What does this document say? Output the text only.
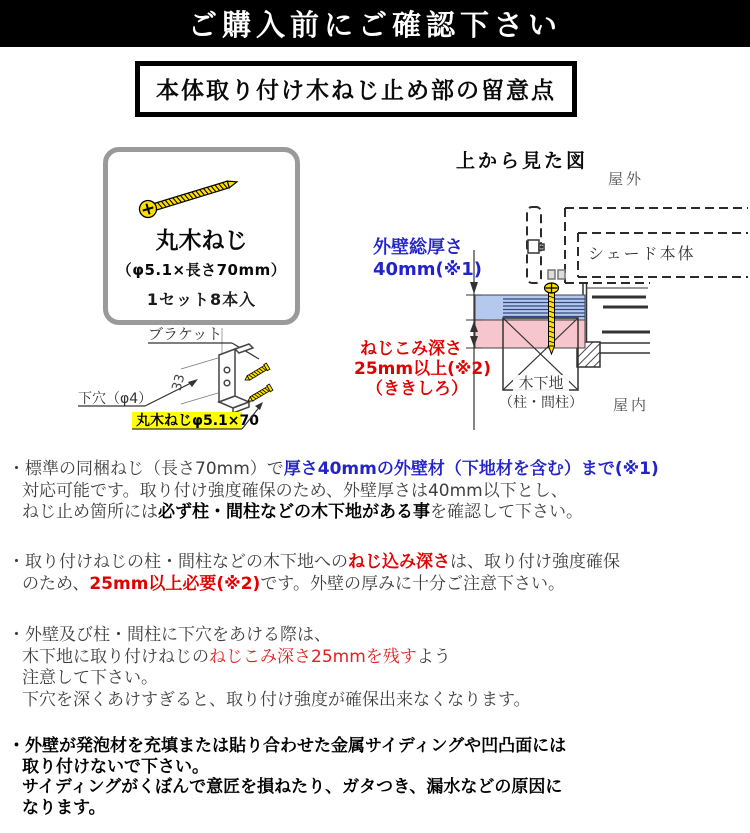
ご購入前にご確認下さい
本体取り付け木ねじ止め部の留意点
丸木ねじ
（φ5.1×長さ70mm）
1セット8本入
ブラケット
33
下穴（φ4）
丸木ねじφ5.1×70
上から見た図
屋外
屋内
シェード本体
木下地
（柱・間柱）
外壁総厚さ
40mm(※1)
ねじこみ深さ
25mm以上(※2)
（ききしろ）

・標準の同梱ねじ（長さ70mm）で厚さ40mmの外壁材（下地材を含む）まで(※1)
対応可能です。取り付け強度確保のため、外壁厚さは40mm以下とし、
ねじ止め箇所には必ず柱・間柱などの木下地がある事を確認して下さい。

・取り付けねじの柱・間柱などの木下地へのねじ込み深さは、取り付け強度確保
のため、25mm以上必要(※2)です。外壁の厚みに十分ご注意下さい。

・外壁及び柱・間柱に下穴をあける際は、
木下地に取り付けねじのねじこみ深さ25mmを残すよう
注意して下さい。
下穴を深くあけすぎると、取り付け強度が確保出来なくなります。

・外壁が発泡材を充填または貼り合わせた金属サイディングや凹凸面には
取り付けないで下さい。
サイディングがくぼんで意匠を損ねたり、ガタつき、漏水などの原因に
なります。
